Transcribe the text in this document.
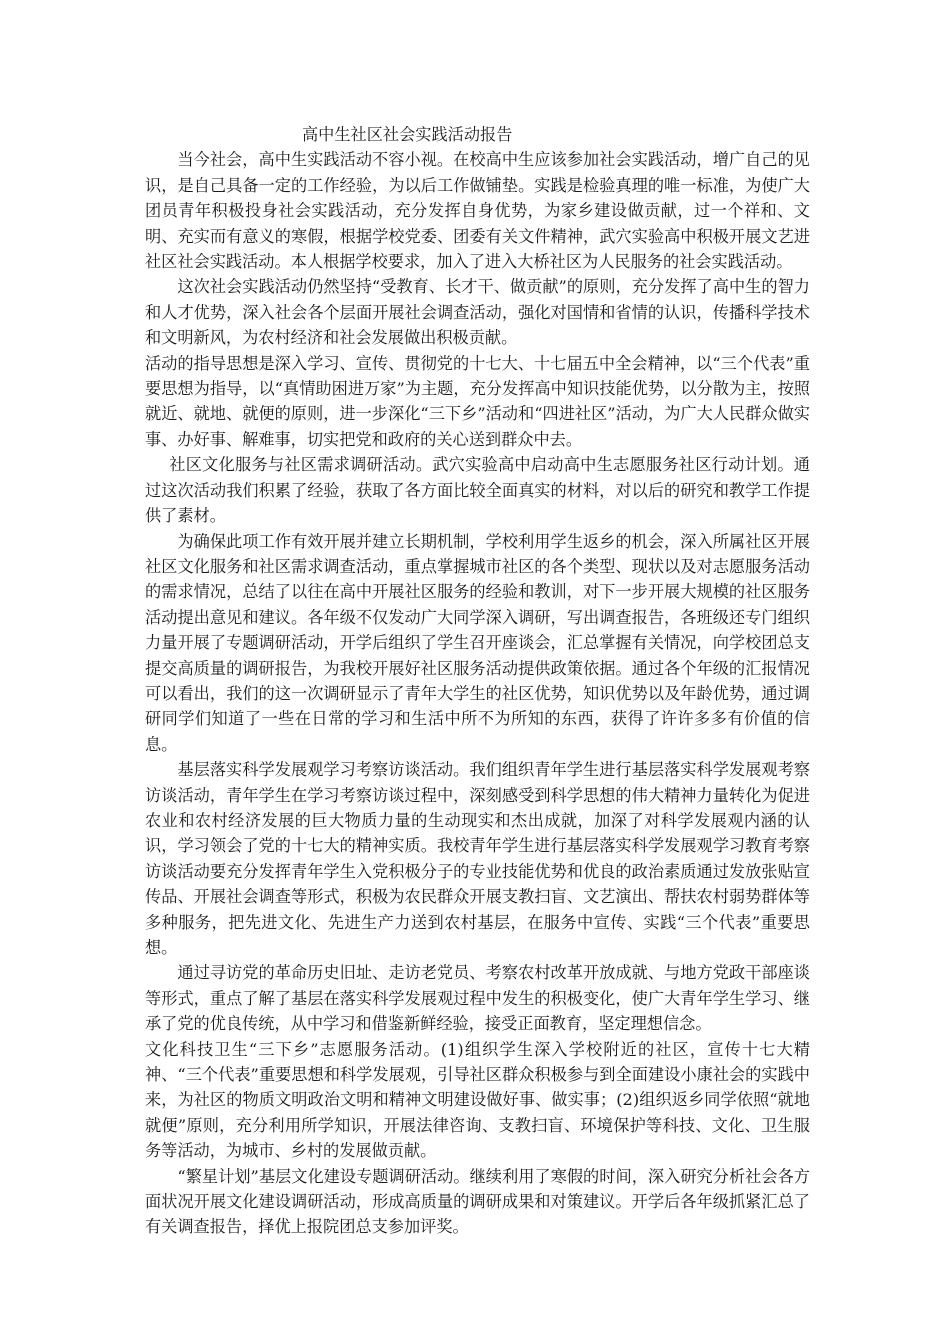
高中生社区社会实践活动报告

当今社会，高中生实践活动不容小视。在校高中生应该参加社会实践活动，增广自己的见识，是自己具备一定的工作经验，为以后工作做铺垫。实践是检验真理的唯一标准，为使广大团员青年积极投身社会实践活动，充分发挥自身优势，为家乡建设做贡献，过一个祥和、文明、充实而有意义的寒假，根据学校党委、团委有关文件精神，武穴实验高中积极开展文艺进社区社会实践活动。本人根据学校要求，加入了进入大桥社区为人民服务的社会实践活动。

这次社会实践活动仍然坚持“受教育、长才干、做贡献”的原则，充分发挥了高中生的智力和人才优势，深入社会各个层面开展社会调查活动，强化对国情和省情的认识，传播科学技术和文明新风，为农村经济和社会发展做出积极贡献。

活动的指导思想是深入学习、宣传、贯彻党的十七大、十七届五中全会精神，以“三个代表”重要思想为指导，以“真情助困进万家”为主题，充分发挥高中知识技能优势，以分散为主，按照就近、就地、就便的原则，进一步深化“三下乡”活动和“四进社区”活动，为广大人民群众做实事、办好事、解难事，切实把党和政府的关心送到群众中去。

社区文化服务与社区需求调研活动。武穴实验高中启动高中生志愿服务社区行动计划。通过这次活动我们积累了经验，获取了各方面比较全面真实的材料，对以后的研究和教学工作提供了素材。

为确保此项工作有效开展并建立长期机制，学校利用学生返乡的机会，深入所属社区开展社区文化服务和社区需求调查活动，重点掌握城市社区的各个类型、现状以及对志愿服务活动的需求情况，总结了以往在高中开展社区服务的经验和教训，对下一步开展大规模的社区服务活动提出意见和建议。各年级不仅发动广大同学深入调研，写出调查报告，各班级还专门组织力量开展了专题调研活动，开学后组织了学生召开座谈会，汇总掌握有关情况，向学校团总支提交高质量的调研报告，为我校开展好社区服务活动提供政策依据。通过各个年级的汇报情况可以看出，我们的这一次调研显示了青年大学生的社区优势，知识优势以及年龄优势，通过调研同学们知道了一些在日常的学习和生活中所不为所知的东西，获得了许许多多有价值的信息。

基层落实科学发展观学习考察访谈活动。我们组织青年学生进行基层落实科学发展观考察访谈活动，青年学生在学习考察访谈过程中，深刻感受到科学思想的伟大精神力量转化为促进农业和农村经济发展的巨大物质力量的生动现实和杰出成就，加深了对科学发展观内涵的认识，学习领会了党的十七大的精神实质。我校青年学生进行基层落实科学发展观学习教育考察访谈活动要充分发挥青年学生入党积极分子的专业技能优势和优良的政治素质通过发放张贴宣传品、开展社会调查等形式，积极为农民群众开展支教扫盲、文艺演出、帮扶农村弱势群体等多种服务，把先进文化、先进生产力送到农村基层，在服务中宣传、实践“三个代表”重要思想。

通过寻访党的革命历史旧址、走访老党员、考察农村改革开放成就、与地方党政干部座谈等形式，重点了解了基层在落实科学发展观过程中发生的积极变化，使广大青年学生学习、继承了党的优良传统，从中学习和借鉴新鲜经验，接受正面教育，坚定理想信念。

文化科技卫生“三下乡”志愿服务活动。(1)组织学生深入学校附近的社区，宣传十七大精神、“三个代表”重要思想和科学发展观，引导社区群众积极参与到全面建设小康社会的实践中来，为社区的物质文明政治文明和精神文明建设做好事、做实事；(2)组织返乡同学依照“就地就便”原则，充分利用所学知识，开展法律咨询、支教扫盲、环境保护等科技、文化、卫生服务等活动，为城市、乡村的发展做贡献。

“繁星计划”基层文化建设专题调研活动。继续利用了寒假的时间，深入研究分析社会各方面状况开展文化建设调研活动，形成高质量的调研成果和对策建议。开学后各年级抓紧汇总了有关调查报告，择优上报院团总支参加评奖。
